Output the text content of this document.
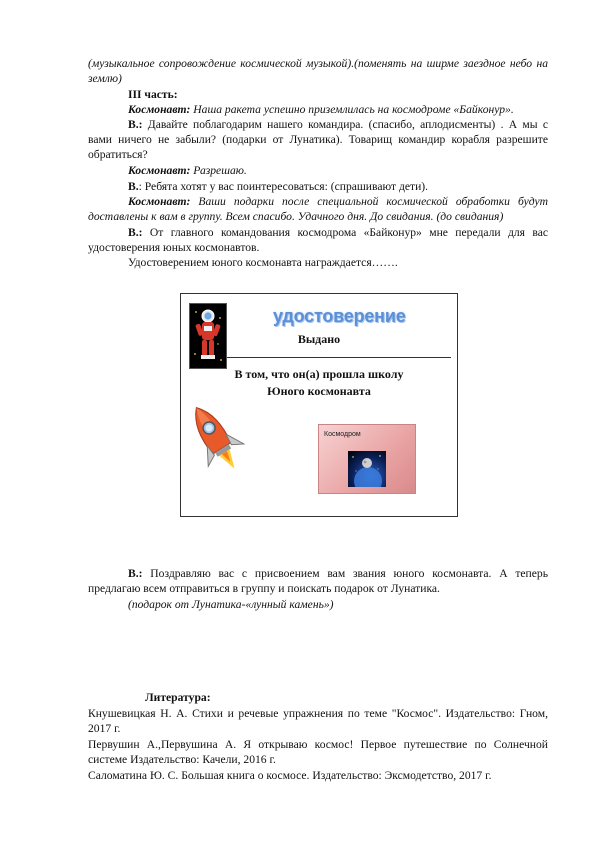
(музыкальное сопровождение космической музыкой).(поменять на ширме заездное небо на землю)
III часть:
Космонавт: Наша ракета успешно приземлилась на космодроме «Байконур».
В.: Давайте поблагодарим нашего командира. (спасибо, аплодисменты) . А мы с вами ничего не забыли? (подарки от Лунатика). Товарищ командир корабля разрешите обратиться?
Космонавт: Разрешаю.
В.: Ребята хотят у вас поинтересоваться: (спрашивают дети).
Космонавт: Ваши подарки после специальной космической обработки будут доставлены к вам в группу. Всем спасибо. Удачного дня. До свидания. (до свидания)
В.: От главного командования космодрома «Байконур» мне передали для вас удостоверения юных космонавтов.
Удостоверением юного космонавта награждается…….
удостоверение
Выдано
В том, что он(а) прошла школу
Юного космонавта
Космодром
В.: Поздравляю вас с присвоением вам звания юного космонавта. А теперь предлагаю всем отправиться в группу и поискать подарок от Лунатика.
(подарок от Лунатика-«лунный камень»)
Литература:
Кнушевицкая Н. А. Стихи и речевые упражнения по теме "Космос". Издательство: Гном, 2017 г.
Первушин А.,Первушина А. Я открываю космос! Первое путешествие по Солнечной системе Издательство: Качели, 2016 г.
Саломатина Ю. С. Большая книга о космосе. Издательство: Эксмодетство, 2017 г.
